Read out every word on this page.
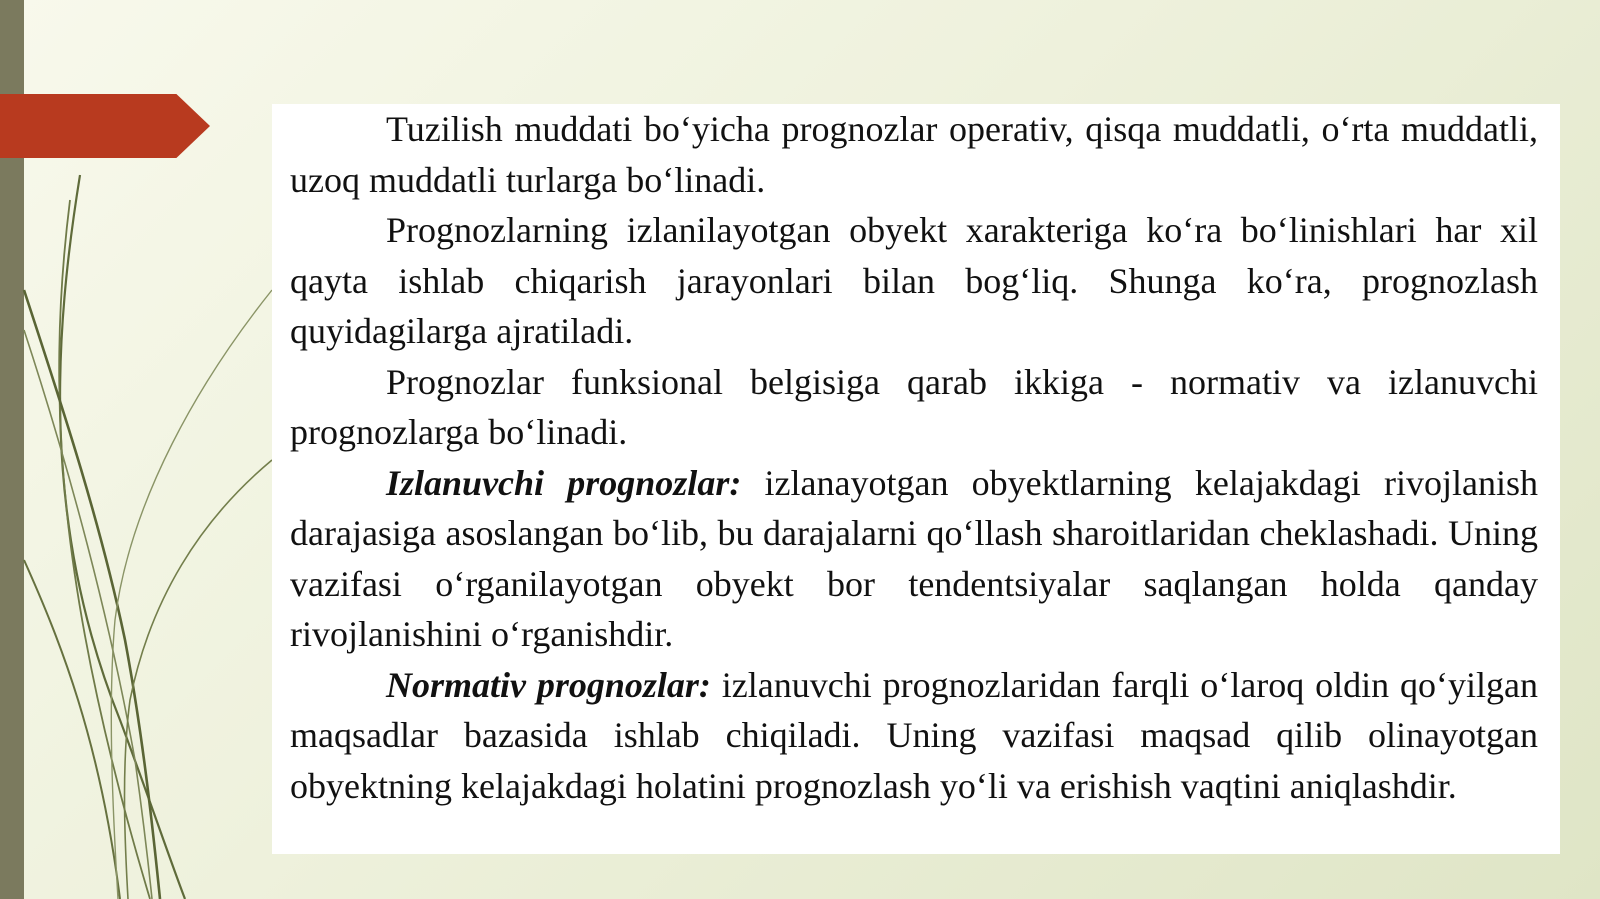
Tuzilish muddati boʻyicha prognozlar operativ, qisqa muddatli, oʻrta muddatli, uzoq muddatli turlarga boʻlinadi.

Prognozlarning izlanilayotgan obyekt xarakteriga koʻra boʻlinishlari har xil qayta ishlab chiqarish jarayonlari bilan bogʻliq. Shunga koʻra, prognozlash quyidagilarga ajratiladi.

Prognozlar funksional belgisiga qarab ikkiga - normativ va izlanuvchi prognozlarga boʻlinadi.

Izlanuvchi prognozlar: izlanayotgan obyektlarning kelajakdagi rivojlanish darajasiga asoslangan boʻlib, bu darajalarni qoʻllash sharoitlaridan cheklashadi. Uning vazifasi oʻrganilayotgan obyekt bor tendentsiyalar saqlangan holda qanday rivojlanishini oʻrganishdir.

Normativ prognozlar: izlanuvchi prognozlaridan farqli oʻlaroq oldin qoʻyilgan maqsadlar bazasida ishlab chiqiladi. Uning vazifasi maqsad qilib olinayotgan obyektning kelajakdagi holatini prognozlash yoʻli va erishish vaqtini aniqlashdir.
